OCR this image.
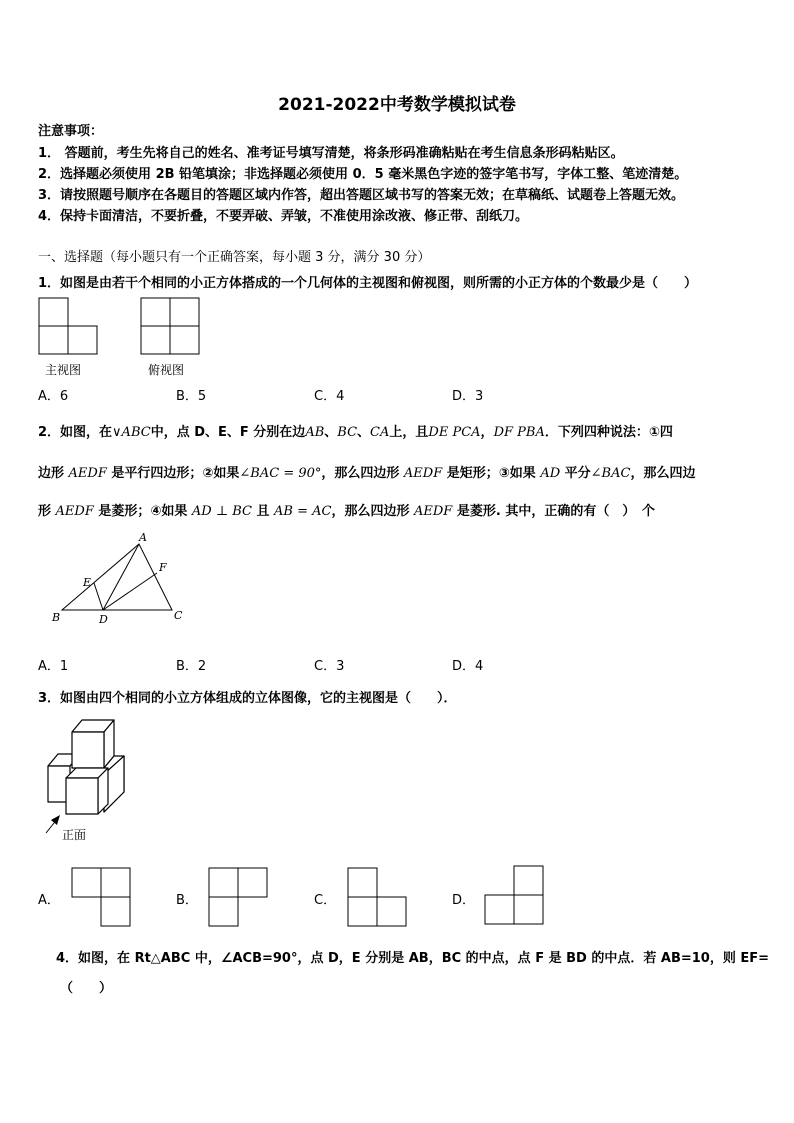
2021-2022中考数学模拟试卷
注意事项：
1． 答题前，考生先将自己的姓名、准考证号填写清楚，将条形码准确粘贴在考生信息条形码粘贴区。
2．选择题必须使用 2B 铅笔填涂；非选择题必须使用 0．5 毫米黑色字迹的签字笔书写，字体工整、笔迹清楚。
3．请按照题号顺序在各题目的答题区域内作答，超出答题区域书写的答案无效；在草稿纸、试题卷上答题无效。
4．保持卡面清洁，不要折叠，不要弄破、弄皱，不准使用涂改液、修正带、刮纸刀。
一、选择题（每小题只有一个正确答案，每小题 3 分，满分 30 分）
1．如图是由若干个相同的小正方体搭成的一个几何体的主视图和俯视图，则所需的小正方体的个数最少是（　　）
主视图	俯视图
A．6	B．5	C．4	D．3
2．如图，在∨ABC中，点 D、E、F 分别在边AB、BC、CA上，且DE PCA，DF PBA．下列四种说法：①四
边形 AEDF 是平行四边形；②如果∠BAC = 90°，那么四边形 AEDF 是矩形；③如果 AD 平分∠BAC，那么四边
形 AEDF 是菱形；④如果 AD ⊥ BC 且 AB = AC，那么四边形 AEDF 是菱形. 其中，正确的有（　）　个
A
B	C
D
E
F
A．1	B．2	C．3	D．4
3．如图由四个相同的小立方体组成的立体图像，它的主视图是（　　）．
正面
A．	B．	C．	D．
4．如图，在 Rt△ABC 中，∠ACB=90°，点 D，E 分别是 AB，BC 的中点，点 F 是 BD 的中点．若 AB=10，则 EF=
（　　）
